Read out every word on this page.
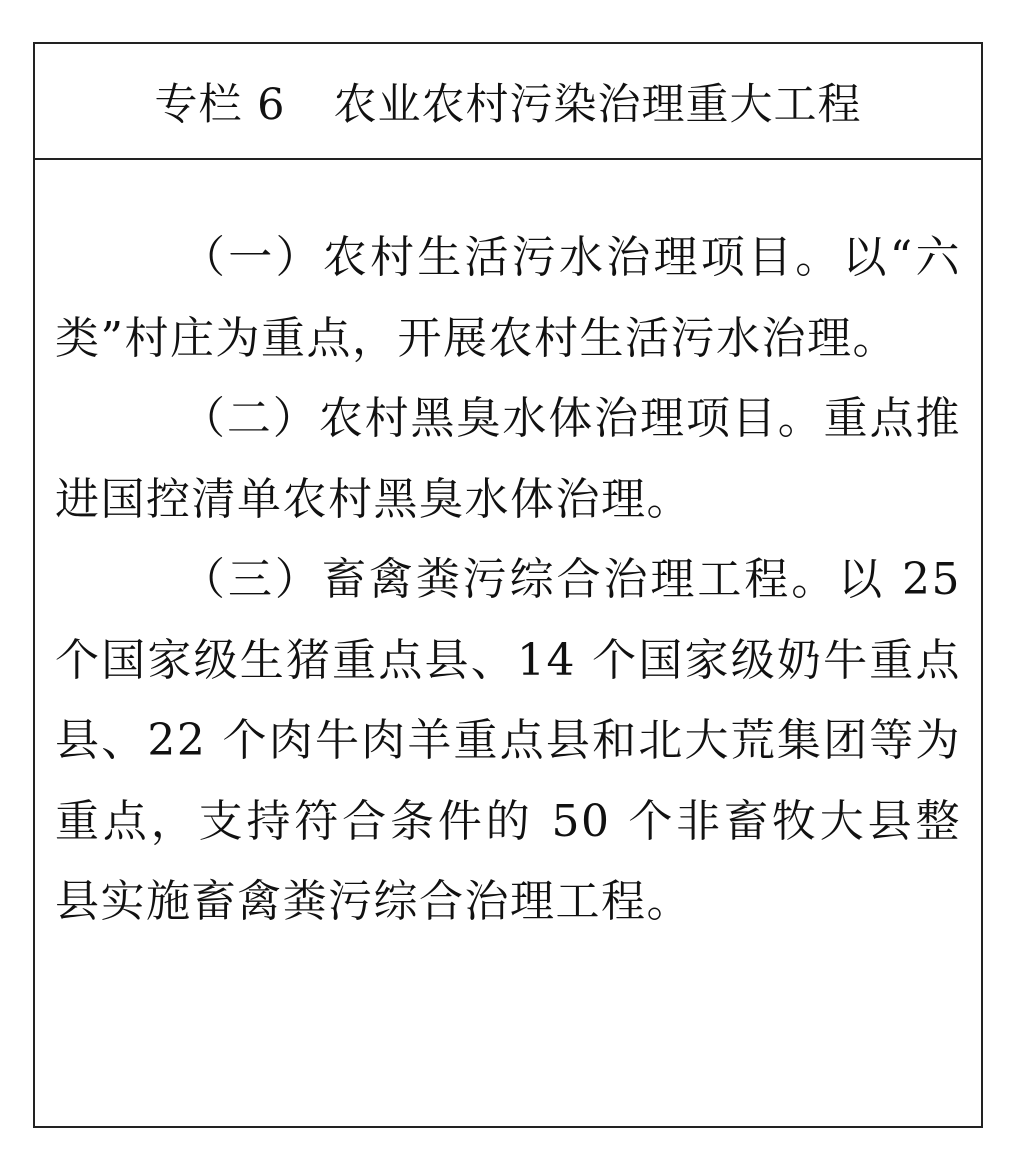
专栏 6 农业农村污染治理重大工程

（一）农村生活污水治理项目。以“六类”村庄为重点，开展农村生活污水治理。

（二）农村黑臭水体治理项目。重点推进国控清单农村黑臭水体治理。

（三）畜禽粪污综合治理工程。以 25 个国家级生猪重点县、14 个国家级奶牛重点县、22 个肉牛肉羊重点县和北大荒集团等为重点，支持符合条件的 50 个非畜牧大县整县实施畜禽粪污综合治理工程。
